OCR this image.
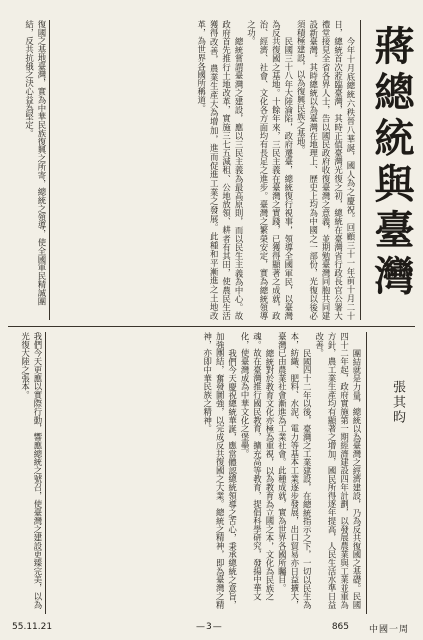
蔣總統與臺灣
張其昀

今年十月底總統六秩晉八華誕，國人為之慶祝。回顧三十一年前十月二十日，總統首次蒞臨臺灣，其時正值臺灣光復之初，總統在臺灣省行政長官公署大禮堂接見全省各界人士，告以國民政府收復臺灣之意義，並期勉臺灣同胞共同建設新臺灣。其時總統以為臺灣在地理上、歷史上均為中國之一部份，光復以後必須積極建設，以為復興民族之基地。

民國三十八年大陸淪陷，政府遷臺，總統復行視事，領導全國軍民，以臺灣為反共復國之基地。十餘年來，三民主義在臺灣之實踐，已獲得顯著之成就，政治、經濟、社會、文化各方面均有長足之進步。臺灣之繁榮安定，實為總統領導之功。

總統嘗謂臺灣之建設，應以三民主義為最高原則，而以民生主義為中心。故政府首先推行土地改革，實施三七五減租、公地放領、耕者有其田，使農民生活獲得改善，農業生產大為增加，進而促進工業之發展。此種和平漸進之土地改革，為世界各國所稱道。

復國之基地臺灣，實為中華民族復興之所寄，總統之領導，使全國軍民精誠團結，反共抗俄之決心益為堅定。

團結就是力量，總統以為臺灣之經濟建設，乃為反共復國之基礎。民國四十二年起，政府實施第一期經濟建設四年計劃，以發展農業與工業並重為方針，農工業生產均有顯著之增加，國民所得逐年提高，人民生活水準日益改善。

民國四十二年以後，臺灣之工業建設，在總統指示之下，一切以民生為本，紡織、肥料、水泥、電力等基本工業逐步發展，出口貿易亦日益擴大，臺灣已由農業社會漸進為工業社會。此種成就，實為世界各國所矚目。

總統對於教育文化亦極為重視，以為教育為立國之本，文化為民族之魂。故在臺灣推行國民教育，擴充高等教育，提倡科學研究，發揚中華文化，使臺灣成為中華文化之堡壘。

我們今天慶祝總統華誕，應當體認總統領導之苦心，秉承總統之意旨，加強團結，奮發圖強，以完成反共復國之大業。總統之精神，即為臺灣之精神，亦即中華民族之精神。

我們今天更應以實際行動，響應總統之號召，使臺灣之建設更臻完美，以為光復大陸之張本。
55.11.21	—3—	865 中國一周
